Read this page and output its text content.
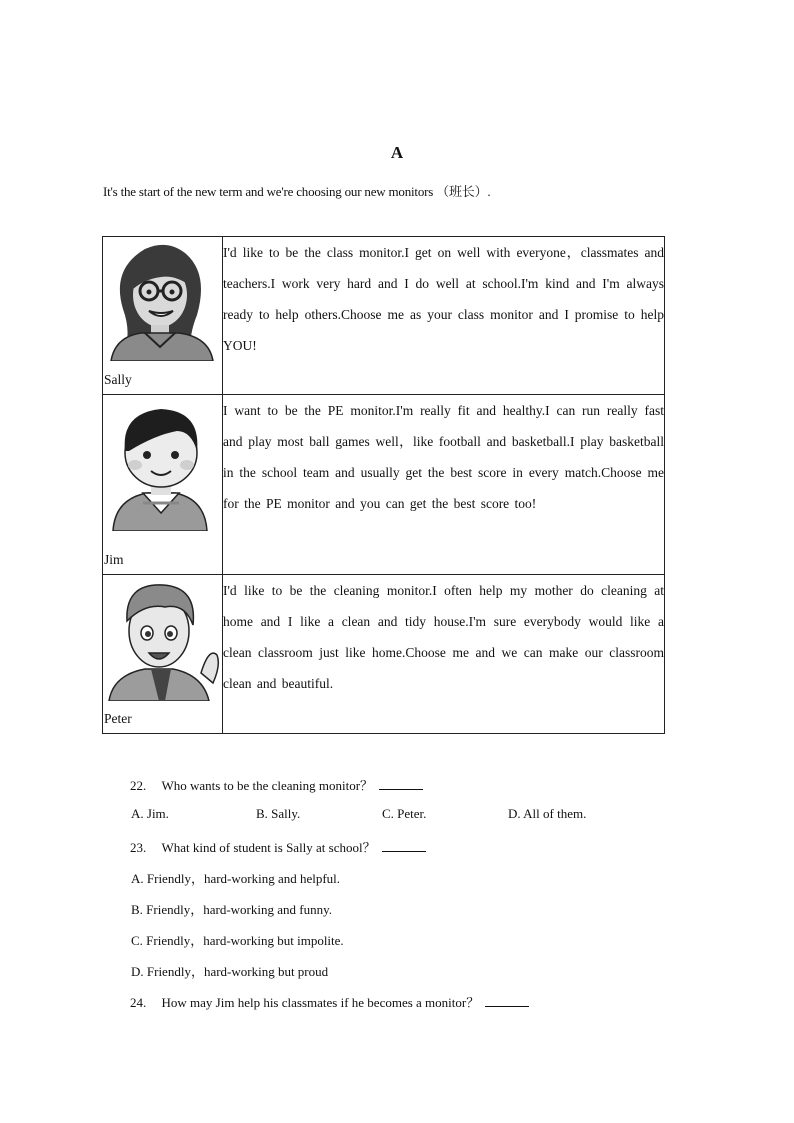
A
It's the start of the new term and we're choosing our new monitors （班长）.
Sally	I'd like to be the class monitor.I get on well with everyone，classmates and teachers.I work very hard and I do well at school.I'm kind and I'm always ready to help others.Choose me as your class monitor and I promise to help YOU!

Jim	I want to be the PE monitor.I'm really fit and healthy.I can run really fast and play most ball games well，like football and basketball.I play basketball in the school team and usually get the best score in every match.Choose me for the PE monitor and you can get the best score too!

Peter	I'd like to be the cleaning monitor.I often help my mother do cleaning at home and I like a clean and tidy house.I'm sure everybody would like a clean classroom just like home.Choose me and we can make our classroom clean and beautiful.
22. Who wants to be the cleaning monitor？
A. Jim.	B. Sally.	C. Peter.	D. All of them.
23. What kind of student is Sally at school？
A. Friendly，hard-working and helpful.
B. Friendly，hard-working and funny.
C. Friendly，hard-working but impolite.
D. Friendly，hard-working but proud
24. How may Jim help his classmates if he becomes a monitor？
